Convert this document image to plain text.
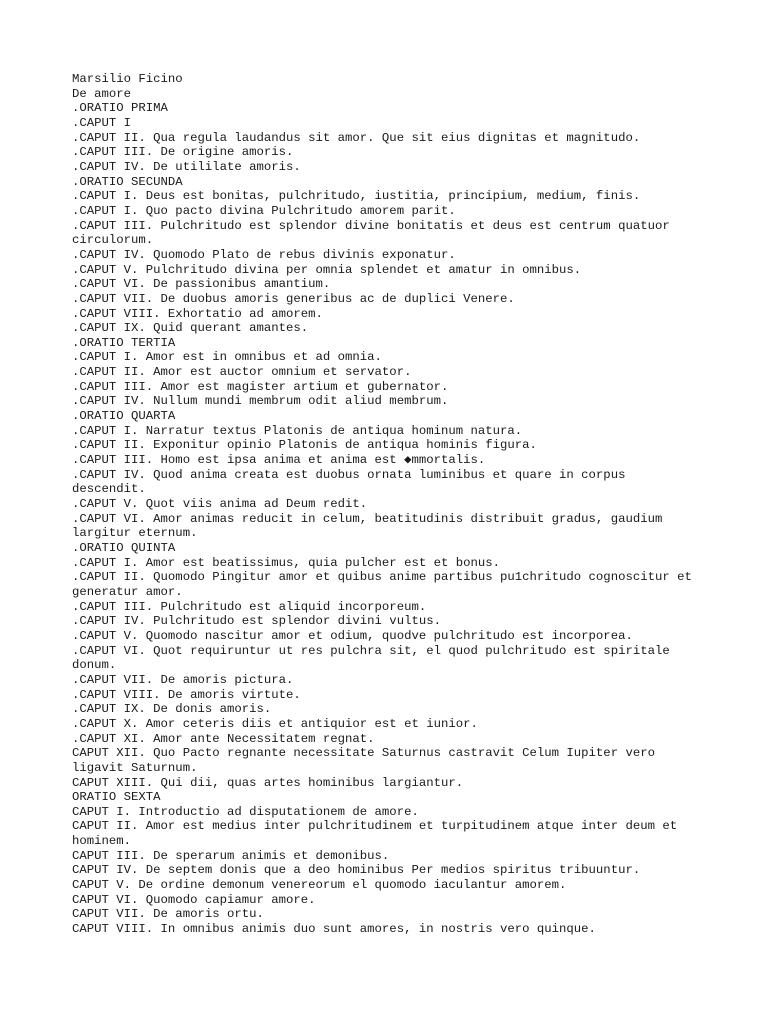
Marsilio Ficino
De amore
.ORATIO PRIMA
.CAPUT I
.CAPUT II. Qua regula laudandus sit amor. Que sit eius dignitas et magnitudo.
.CAPUT III. De origine amoris.
.CAPUT IV. De utililate amoris.
.ORATIO SECUNDA
.CAPUT I. Deus est bonitas, pulchritudo, iustitia, principium, medium, finis.
.CAPUT I. Quo pacto divina Pulchritudo amorem parit.
.CAPUT III. Pulchritudo est splendor divine bonitatis et deus est centrum quatuor circulorum.
.CAPUT IV. Quomodo Plato de rebus divinis exponatur.
.CAPUT V. Pulchritudo divina per omnia splendet et amatur in omnibus.
.CAPUT VI. De passionibus amantium.
.CAPUT VII. De duobus amoris generibus ac de duplici Venere.
.CAPUT VIII. Exhortatio ad amorem.
.CAPUT IX. Quid querant amantes.
.ORATIO TERTIA
.CAPUT I. Amor est in omnibus et ad omnia.
.CAPUT II. Amor est auctor omnium et servator.
.CAPUT III. Amor est magister artium et gubernator.
.CAPUT IV. Nullum mundi membrum odit aliud membrum.
.ORATIO QUARTA
.CAPUT I. Narratur textus Platonis de antiqua hominum natura.
.CAPUT II. Exponitur opinio Platonis de antiqua hominis figura.
.CAPUT III. Homo est ipsa anima et anima est ◆mmortalis.
.CAPUT IV. Quod anima creata est duobus ornata luminibus et quare in corpus descendit.
.CAPUT V. Quot viis anima ad Deum redit.
.CAPUT VI. Amor animas reducit in celum, beatitudinis distribuit gradus, gaudium largitur eternum.
.ORATIO QUINTA
.CAPUT I. Amor est beatissimus, quia pulcher est et bonus.
.CAPUT II. Quomodo Pingitur amor et quibus anime partibus pu1chritudo cognoscitur et generatur amor.
.CAPUT III. Pulchritudo est aliquid incorporeum.
.CAPUT IV. Pulchritudo est splendor divini vultus.
.CAPUT V. Quomodo nascitur amor et odium, quodve pulchritudo est incorporea.
.CAPUT VI. Quot requiruntur ut res pulchra sit, el quod pulchritudo est spiritale donum.
.CAPUT VII. De amoris pictura.
.CAPUT VIII. De amoris virtute.
.CAPUT IX. De donis amoris.
.CAPUT X. Amor ceteris diis et antiquior est et iunior.
.CAPUT XI. Amor ante Necessitatem regnat.
CAPUT XII. Quo Pacto regnante necessitate Saturnus castravit Celum Iupiter vero ligavit Saturnum.
CAPUT XIII. Qui dii, quas artes hominibus largiantur.
ORATIO SEXTA
CAPUT I. Introductio ad disputationem de amore.
CAPUT II. Amor est medius inter pulchritudinem et turpitudinem atque inter deum et hominem.
CAPUT III. De sperarum animis et demonibus.
CAPUT IV. De septem donis que a deo hominibus Per medios spiritus tribuuntur.
CAPUT V. De ordine demonum venereorum el quomodo iaculantur amorem.
CAPUT VI. Quomodo capiamur amore.
CAPUT VII. De amoris ortu.
CAPUT VIII. In omnibus animis duo sunt amores, in nostris vero quinque.
